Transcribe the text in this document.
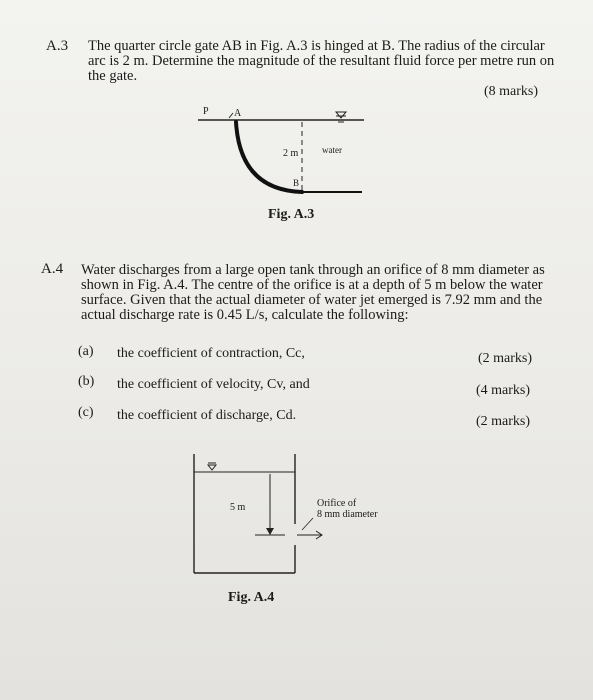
A.3 The quarter circle gate AB in Fig. A.3 is hinged at B. The radius of the circular
arc is 2 m. Determine the magnitude of the resultant fluid force per metre run on
the gate.
(8 marks)
P	A
2 m
B
water
Fig. A.3
A.4 Water discharges from a large open tank through an orifice of 8 mm diameter as
shown in Fig. A.4. The centre of the orifice is at a depth of 5 m below the water
surface. Given that the actual diameter of water jet emerged is 7.92 mm and the
actual discharge rate is 0.45 L/s, calculate the following:
(a) the coefficient of contraction, Cc,	(2 marks)
(b) the coefficient of velocity, Cv, and	(4 marks)
(c) the coefficient of discharge, Cd.	(2 marks)
5 m	Orifice of
8 mm diameter
Fig. A.4
